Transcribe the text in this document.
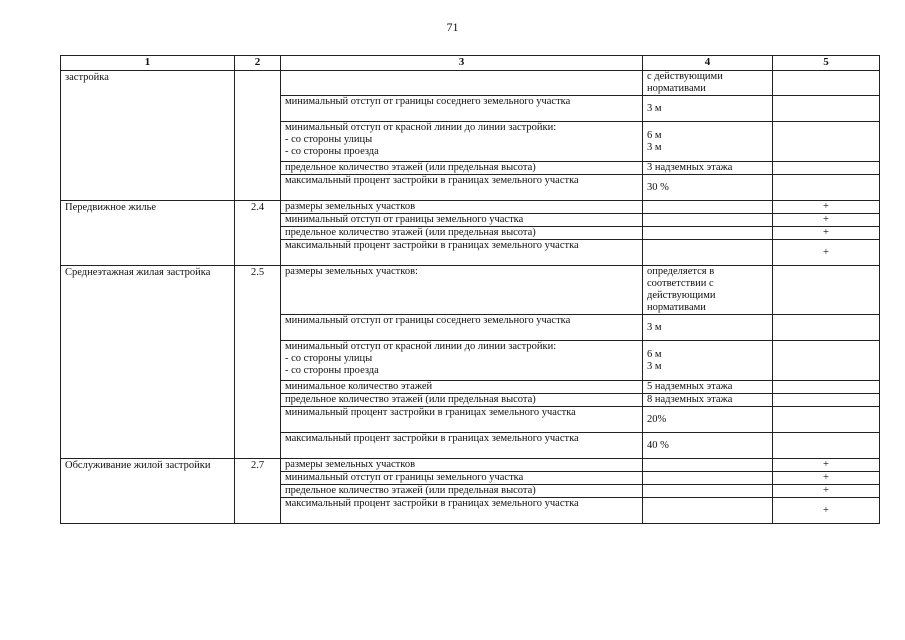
71
1	2	3	4	5
застройка			с действующими нормативами	
		минимальный отступ от границы соседнего земельного участка	3 м	

		минимальный отступ от красной линии до линии застройки:
- со стороны улицы
- со стороны проезда	6 м
3 м	

		предельное количество этажей (или предельная высота)	3 надземных этажа	
		максимальный процент застройки в границах земельного участка	30 %	
Передвижное жилье	2.4	размеры земельных участков		+
		минимальный отступ от границы земельного участка		+
		предельное количество этажей (или предельная высота)		+
		максимальный процент застройки в границах земельного участка		+
Среднеэтажная жилая застройка	2.5	размеры земельных участков:	определяется в соответствии с действующими нормативами	
		минимальный отступ от границы соседнего земельного участка	3 м	

		минимальный отступ от красной линии до линии застройки:
- со стороны улицы
- со стороны проезда	6 м
3 м	

		минимальное количество этажей	5 надземных этажа	
		предельное количество этажей (или предельная высота)	8 надземных этажа	
		минимальный процент застройки в границах земельного участка	20%	
		максимальный процент застройки в границах земельного участка	40 %	
Обслуживание жилой застройки	2.7	размеры земельных участков		+
		минимальный отступ от границы земельного участка		+
		предельное количество этажей (или предельная высота)		+
		максимальный процент застройки в границах земельного участка		+
